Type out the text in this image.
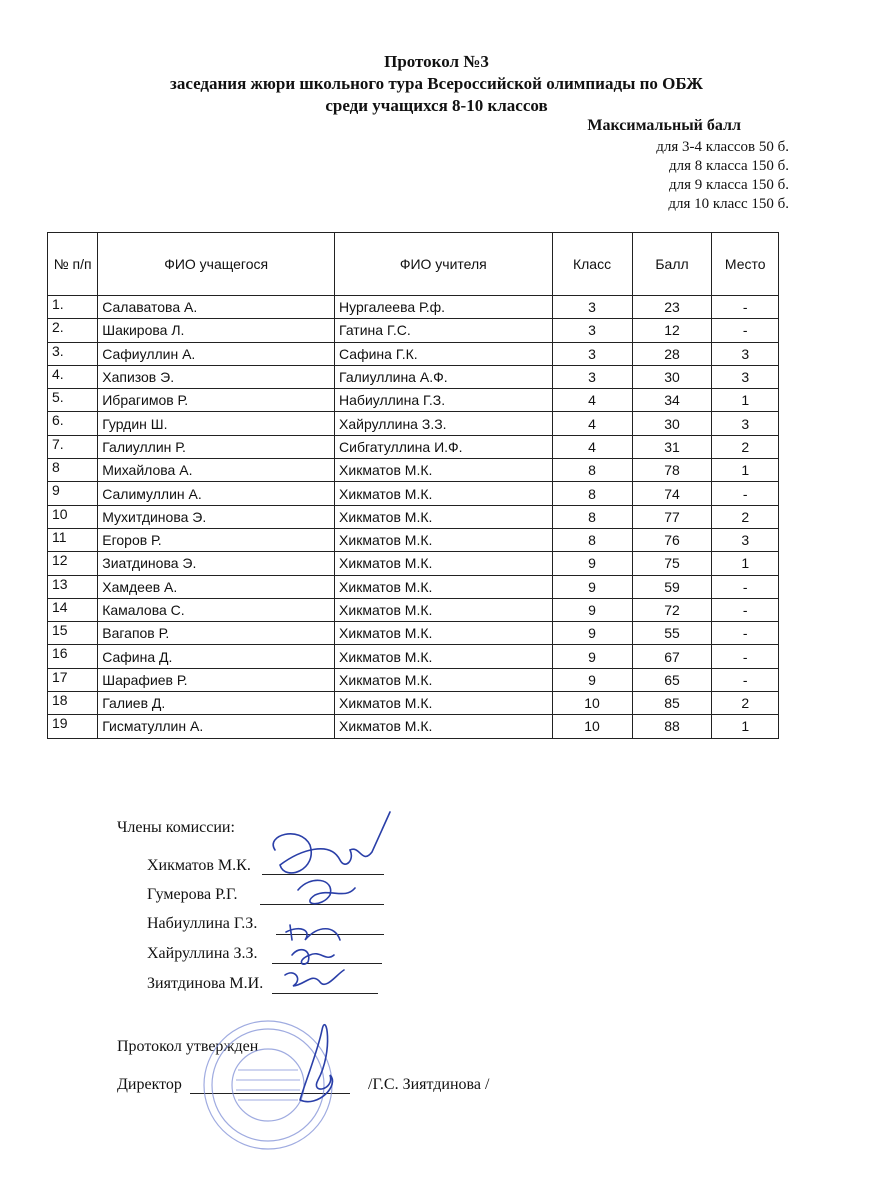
Протокол №3
заседания жюри школьного тура Всероссийской олимпиады по ОБЖ
среди учащихся 8-10 классов
Максимальный балл
для 3-4 классов 50 б.
для 8 класса 150 б.
для 9 класса 150 б.
для 10 класс 150 б.
№ п/п	ФИО учащегося	ФИО учителя	Класс	Балл	Место
1.	Салаватова А.	Нургалеева Р.ф.	3	23	-
2.	Шакирова Л.	Гатина Г.С.	3	12	-
3.	Сафиуллин А.	Сафина Г.К.	3	28	3
4.	Хапизов Э.	Галиуллина А.Ф.	3	30	3
5.	Ибрагимов Р.	Набиуллина Г.З.	4	34	1
6.	Гурдин Ш.	Хайруллина З.З.	4	30	3
7.	Галиуллин Р.	Сибгатуллина И.Ф.	4	31	2
8	Михайлова А.	Хикматов М.К.	8	78	1
9	Салимуллин А.	Хикматов М.К.	8	74	-
10	Мухитдинова Э.	Хикматов М.К.	8	77	2
11	Егоров Р.	Хикматов М.К.	8	76	3
12	Зиатдинова Э.	Хикматов М.К.	9	75	1
13	Хамдеев А.	Хикматов М.К.	9	59	-
14	Камалова С.	Хикматов М.К.	9	72	-
15	Вагапов Р.	Хикматов М.К.	9	55	-
16	Сафина Д.	Хикматов М.К.	9	67	-
17	Шарафиев Р.	Хикматов М.К.	9	65	-
18	Галиев Д.	Хикматов М.К.	10	85	2
19	Гисматуллин А.	Хикматов М.К.	10	88	1
Члены комиссии:
Хикматов М.К.
Гумерова Р.Г.
Набиуллина Г.З.
Хайруллина З.З.
Зиятдинова М.И.
Протокол утвержден
Директор	/Г.С. Зиятдинова /
